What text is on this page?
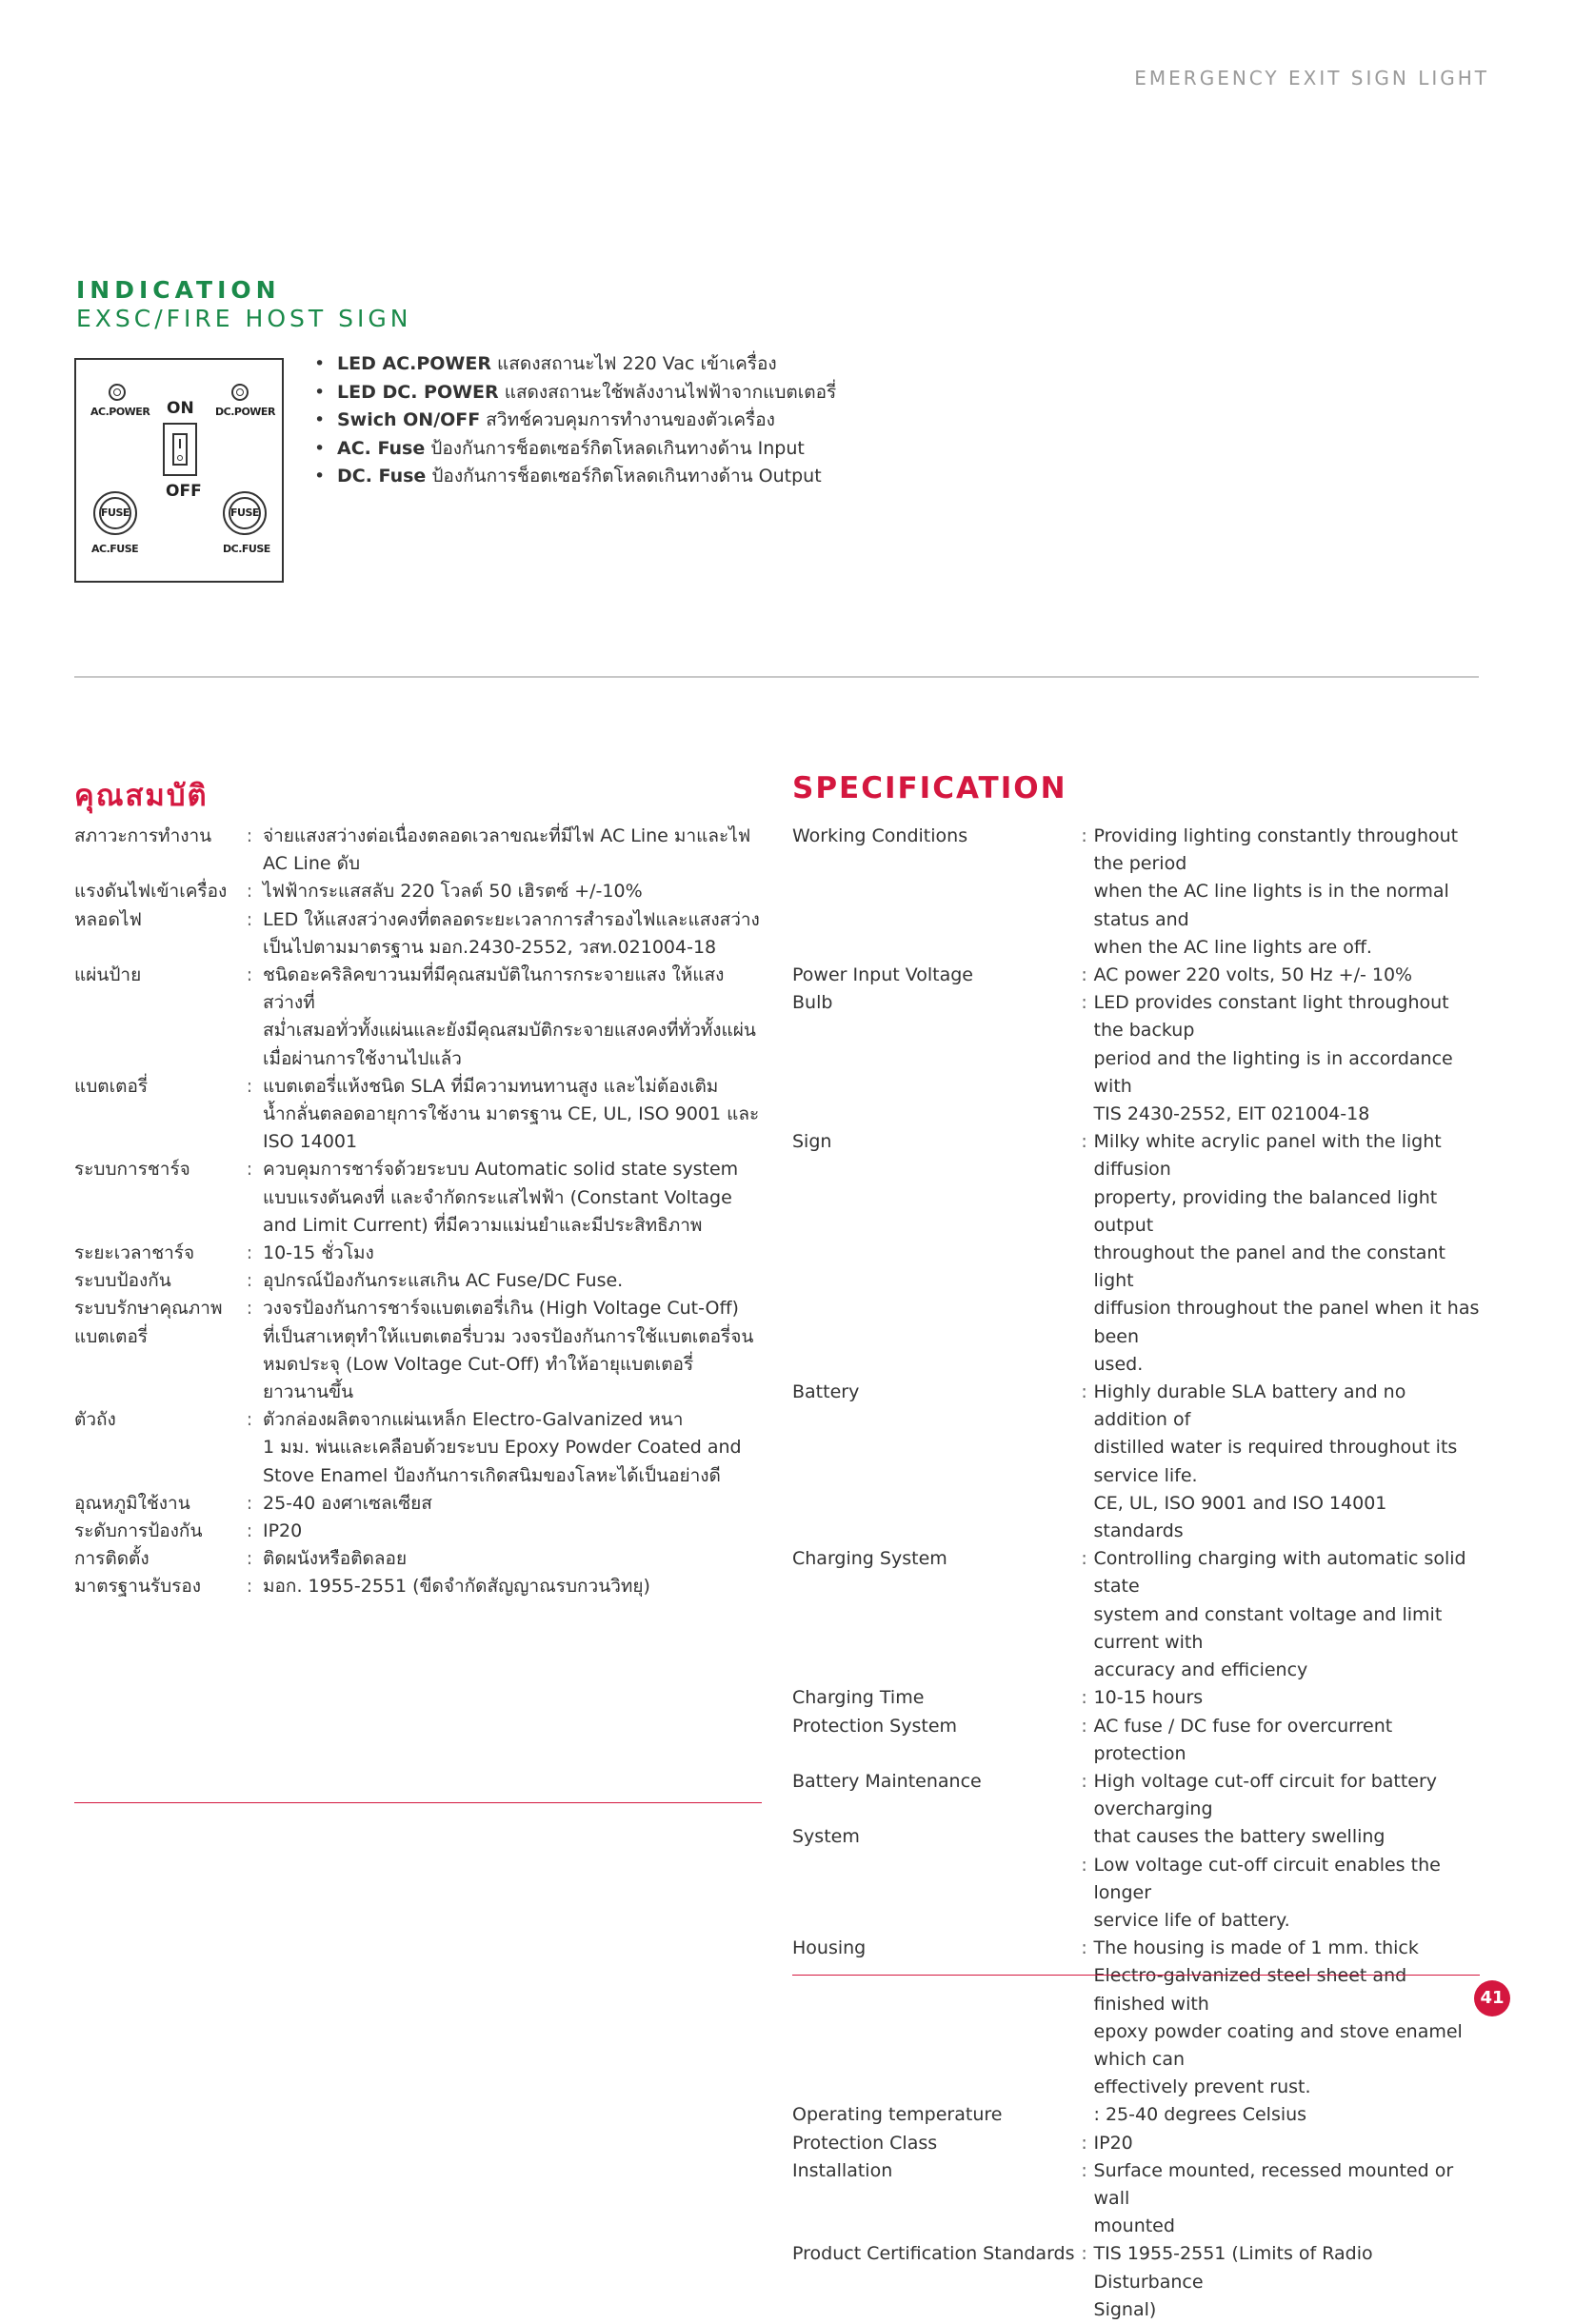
EMERGENCY EXIT SIGN LIGHT
INDICATION
EXSC/FIRE HOST SIGN
AC.POWER	DC.POWER
ON
OFF
FUSE
AC.FUSE
FUSE
DC.FUSE
• LED AC.POWER แสดงสถานะไฟ 220 Vac เข้าเครื่อง
• LED DC. POWER แสดงสถานะใช้พลังงานไฟฟ้าจากแบตเตอรี่
• Swich ON/OFF สวิทช์ควบคุมการทำงานของตัวเครื่อง
• AC. Fuse ป้องกันการช็อตเซอร์กิตโหลดเกินทางด้าน Input
• DC. Fuse ป้องกันการช็อตเซอร์กิตโหลดเกินทางด้าน Output
คุณสมบัติ	SPECIFICATION
สภาวะการทำงาน	:	จ่ายแสงสว่างต่อเนื่องตลอดเวลาขณะที่มีไฟ AC Line มาและไฟ
		AC Line ดับ
แรงดันไฟเข้าเครื่อง	:	ไฟฟ้ากระแสสลับ 220 โวลต์ 50 เฮิรตซ์ +/-10%
หลอดไฟ	:	LED ให้แสงสว่างคงที่ตลอดระยะเวลาการสำรองไฟและแสงสว่าง
		เป็นไปตามมาตรฐาน มอก.2430-2552, วสท.021004-18
แผ่นป้าย	:	ชนิดอะคริลิคขาวนมที่มีคุณสมบัติในการกระจายแสง ให้แสงสว่างที่
		สม่ำเสมอทั่วทั้งแผ่นและยังมีคุณสมบัติกระจายแสงคงที่ทั่วทั้งแผ่น
		เมื่อผ่านการใช้งานไปแล้ว
แบตเตอรี่	:	แบตเตอรี่แห้งชนิด SLA ที่มีความทนทานสูง และไม่ต้องเติม
		น้ำกลั่นตลอดอายุการใช้งาน มาตรฐาน CE, UL, ISO 9001 และ
		ISO 14001
ระบบการชาร์จ	:	ควบคุมการชาร์จด้วยระบบ Automatic solid state system
		แบบแรงดันคงที่ และจำกัดกระแสไฟฟ้า (Constant Voltage
		and Limit Current) ที่มีความแม่นยำและมีประสิทธิภาพ
ระยะเวลาชาร์จ	:	10-15 ชั่วโมง
ระบบป้องกัน	:	อุปกรณ์ป้องกันกระแสเกิน AC Fuse/DC Fuse.
ระบบรักษาคุณภาพ	:	วงจรป้องกันการชาร์จแบตเตอรี่เกิน (High Voltage Cut-Off)
แบตเตอรี่		ที่เป็นสาเหตุทำให้แบตเตอรี่บวม วงจรป้องกันการใช้แบตเตอรี่จน
		หมดประจุ (Low Voltage Cut-Off) ทำให้อายุแบตเตอรี่
		ยาวนานขึ้น
ตัวถัง	:	ตัวกล่องผลิตจากแผ่นเหล็ก Electro-Galvanized หนา
		1 มม. พ่นและเคลือบด้วยระบบ Epoxy Powder Coated and
		Stove Enamel ป้องกันการเกิดสนิมของโลหะได้เป็นอย่างดี
อุณหภูมิใช้งาน	:	25-40 องศาเซลเซียส
ระดับการป้องกัน	:	IP20
การติดตั้ง	:	ติดผนังหรือติดลอย
มาตรฐานรับรอง	:	มอก. 1955-2551 (ขีดจำกัดสัญญาณรบกวนวิทยุ)
Working Conditions	:	Providing lighting constantly throughout the period
		when the AC line lights is in the normal status and
		when the AC line lights are off.
Power Input Voltage	:	AC power 220 volts, 50 Hz +/- 10%
Bulb	:	LED provides constant light throughout the backup
		period and the lighting is in accordance with
		TIS 2430-2552, EIT 021004-18
Sign	:	Milky white acrylic panel with the light diffusion
		property, providing the balanced light output
		throughout the panel and the constant light
		diffusion throughout the panel when it has been
		used.
Battery	:	Highly durable SLA battery and no addition of
		distilled water is required throughout its service life.
		CE, UL, ISO 9001 and ISO 14001 standards
Charging System	:	Controlling charging with automatic solid state
		system and constant voltage and limit current with
		accuracy and efficiency
Charging Time	:	10-15 hours
Protection System	:	AC fuse / DC fuse for overcurrent protection
Battery Maintenance	:	High voltage cut-off circuit for battery overcharging
System		that causes the battery swelling
	:	Low voltage cut-off circuit enables the longer
		service life of battery.
Housing	:	The housing is made of 1 mm. thick
		Electro-galvanized steel sheet and finished with
		epoxy powder coating and stove enamel which can
		effectively prevent rust.
Operating temperature		: 25-40 degrees Celsius
Protection Class	:	IP20
Installation	:	Surface mounted, recessed mounted or wall
		mounted
Product Certification Standards	:	TIS 1955-2551 (Limits of Radio Disturbance
		Signal)
41
